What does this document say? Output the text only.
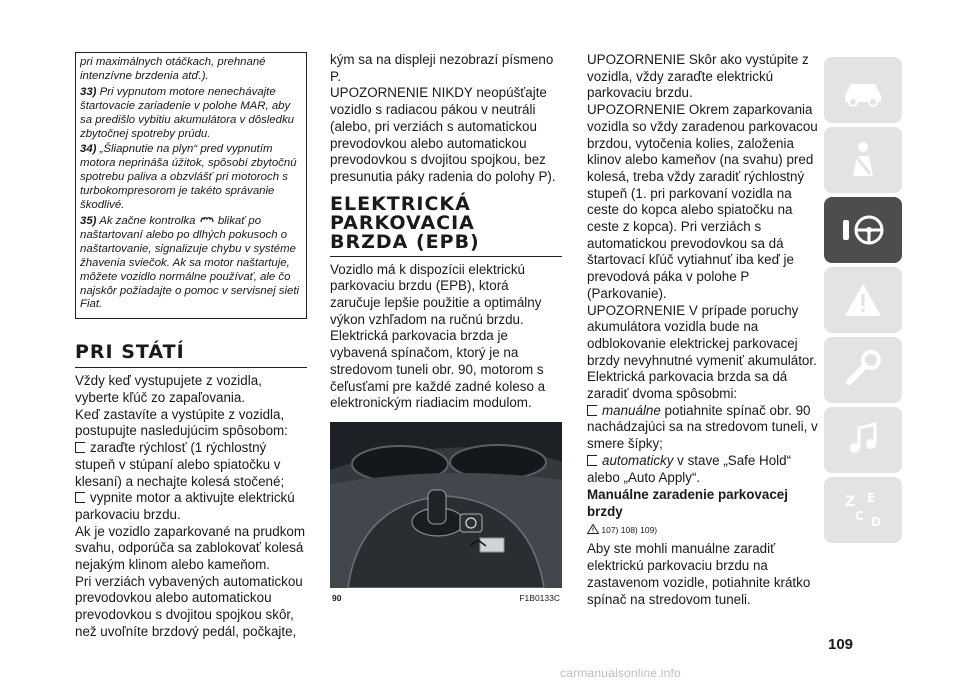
pri maximálnych otáčkach, prehnané intenzívne brzdenia atď.).

33) Pri vypnutom motore nenechávajte štartovacie zariadenie v polohe MAR, aby sa predišlo vybitiu akumulátora v dôsledku zbytočnej spotreby prúdu.

34) „Šliapnutie na plyn“ pred vypnutím motora neprináša úžitok, spôsobí zbytočnú spotrebu paliva a obzvlášť pri motoroch s turbokompresorom je takéto správanie škodlivé.

35) Ak začne kontrolka blikať po naštartovaní alebo po dlhých pokusoch o naštartovanie, signalizuje chybu v systéme žhavenia sviečok. Ak sa motor naštartuje, môžete vozidlo normálne používať, ale čo najskôr požiadajte o pomoc v servisnej sieti Fiat.

PRI STÁTÍ

Vždy keď vystupujete z vozidla, vyberte kľúč zo zapaľovania.

Keď zastavíte a vystúpite z vozidla, postupujte nasledujúcim spôsobom:

zaraďte rýchlosť (1 rýchlostný stupeň v stúpaní alebo spiatočku v klesaní) a nechajte kolesá stočené;

vypnite motor a aktivujte elektrickú parkovaciu brzdu.

Ak je vozidlo zaparkované na prudkom svahu, odporúča sa zablokovať kolesá nejakým klinom alebo kameňom.

Pri verziách vybavených automatickou prevodovkou alebo automatickou prevodovkou s dvojitou spojkou skôr, než uvoľníte brzdový pedál, počkajte,

kým sa na displeji nezobrazí písmeno P.

UPOZORNENIE NIKDY neopúšťajte vozidlo s radiacou pákou v neutráli (alebo, pri verziách s automatickou prevodovkou alebo automatickou prevodovkou s dvojitou spojkou, bez presunutia páky radenia do polohy P).

ELEKTRICKÁ
PARKOVACIA
BRZDA (EPB)

Vozidlo má k dispozícii elektrickú parkovaciu brzdu (EPB), ktorá zaručuje lepšie použitie a optimálny výkon vzhľadom na ručnú brzdu.

Elektrická parkovacia brzda je vybavená spínačom, ktorý je na stredovom tuneli obr. 90, motorom s čeľusťami pre každé zadné koleso a elektronickým riadiacim modulom.

90	F1B0133C

UPOZORNENIE Skôr ako vystúpite z vozidla, vždy zaraďte elektrickú parkovaciu brzdu.

UPOZORNENIE Okrem zaparkovania vozidla so vždy zaradenou parkovacou brzdou, vytočenia kolies, založenia klinov alebo kameňov (na svahu) pred kolesá, treba vždy zaradiť rýchlostný stupeň (1. pri parkovaní vozidla na ceste do kopca alebo spiatočku na ceste z kopca). Pri verziách s automatickou prevodovkou sa dá štartovací kľúč vytiahnuť iba keď je prevodová páka v polohe P (Parkovanie).

UPOZORNENIE V prípade poruchy akumulátora vozidla bude na odblokovanie elektrickej parkovacej brzdy nevyhnutné vymeniť akumulátor.

Elektrická parkovacia brzda sa dá zaradiť dvoma spôsobmi:

manuálne potiahnite spínač obr. 90 nachádzajúci sa na stredovom tuneli, v smere šípky;

automaticky v stave „Safe Hold“ alebo „Auto Apply“.

Manuálne zaradenie parkovacej brzdy

107) 108) 109)

Aby ste mohli manuálne zaradiť elektrickú parkovaciu brzdu na zastavenom vozidle, potiahnite krátko spínač na stredovom tuneli.

Z E
C D
109
carmanualsonline.info
